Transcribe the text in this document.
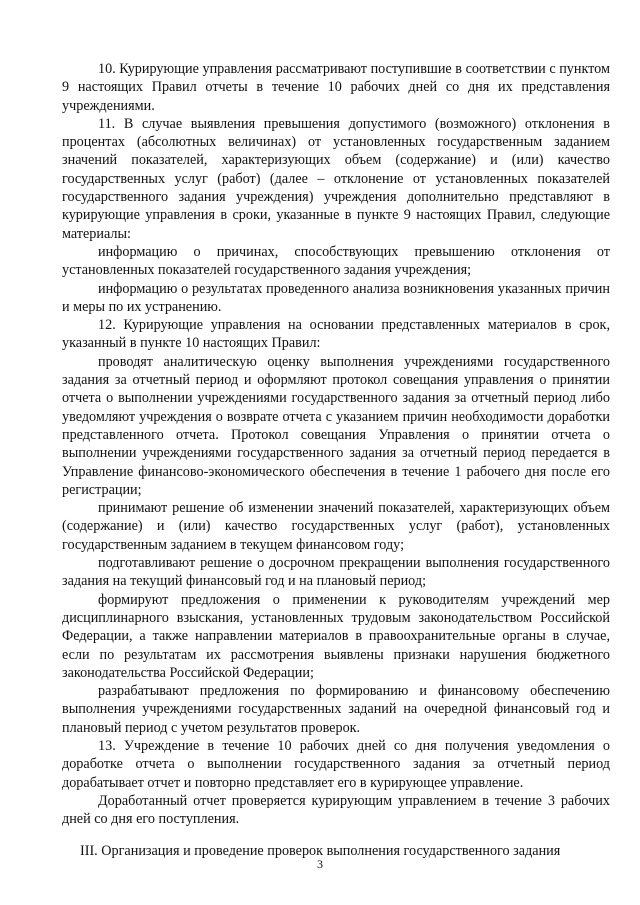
10. Курирующие управления рассматривают поступившие в соответствии с пунктом 9 настоящих Правил отчеты в течение 10 рабочих дней со дня их представления учреждениями.

11. В случае выявления превышения допустимого (возможного) отклонения в процентах (абсолютных величинах) от установленных государственным заданием значений показателей, характеризующих объем (содержание) и (или) качество государственных услуг (работ) (далее – отклонение от установленных показателей государственного задания учреждения) учреждения дополнительно представляют в курирующие управления в сроки, указанные в пункте 9 настоящих Правил, следующие материалы:

информацию о причинах, способствующих превышению отклонения от установленных показателей государственного задания учреждения;

информацию о результатах проведенного анализа возникновения указанных причин и меры по их устранению.

12. Курирующие управления на основании представленных материалов в срок, указанный в пункте 10 настоящих Правил:

проводят аналитическую оценку выполнения учреждениями государственного задания за отчетный период и оформляют протокол совещания управления о принятии отчета о выполнении учреждениями государственного задания за отчетный период либо уведомляют учреждения о возврате отчета с указанием причин необходимости доработки представленного отчета. Протокол совещания Управления о принятии отчета о выполнении учреждениями государственного задания за отчетный период передается в Управление финансово-экономического обеспечения в течение 1 рабочего дня после его регистрации;

принимают решение об изменении значений показателей, характеризующих объем (содержание) и (или) качество государственных услуг (работ), установленных государственным заданием в текущем финансовом году;

подготавливают решение о досрочном прекращении выполнения государственного задания на текущий финансовый год и на плановый период;

формируют предложения о применении к руководителям учреждений мер дисциплинарного взыскания, установленных трудовым законодательством Российской Федерации, а также направлении материалов в правоохранительные органы в случае, если по результатам их рассмотрения выявлены признаки нарушения бюджетного законодательства Российской Федерации;

разрабатывают предложения по формированию и финансовому обеспечению выполнения учреждениями государственных заданий на очередной финансовый год и плановый период с учетом результатов проверок.

13. Учреждение в течение 10 рабочих дней со дня получения уведомления о доработке отчета о выполнении государственного задания за отчетный период дорабатывает отчет и повторно представляет его в курирующее управление.

Доработанный отчет проверяется курирующим управлением в течение 3 рабочих дней со дня его поступления.

III. Организация и проведение проверок выполнения государственного задания

3
